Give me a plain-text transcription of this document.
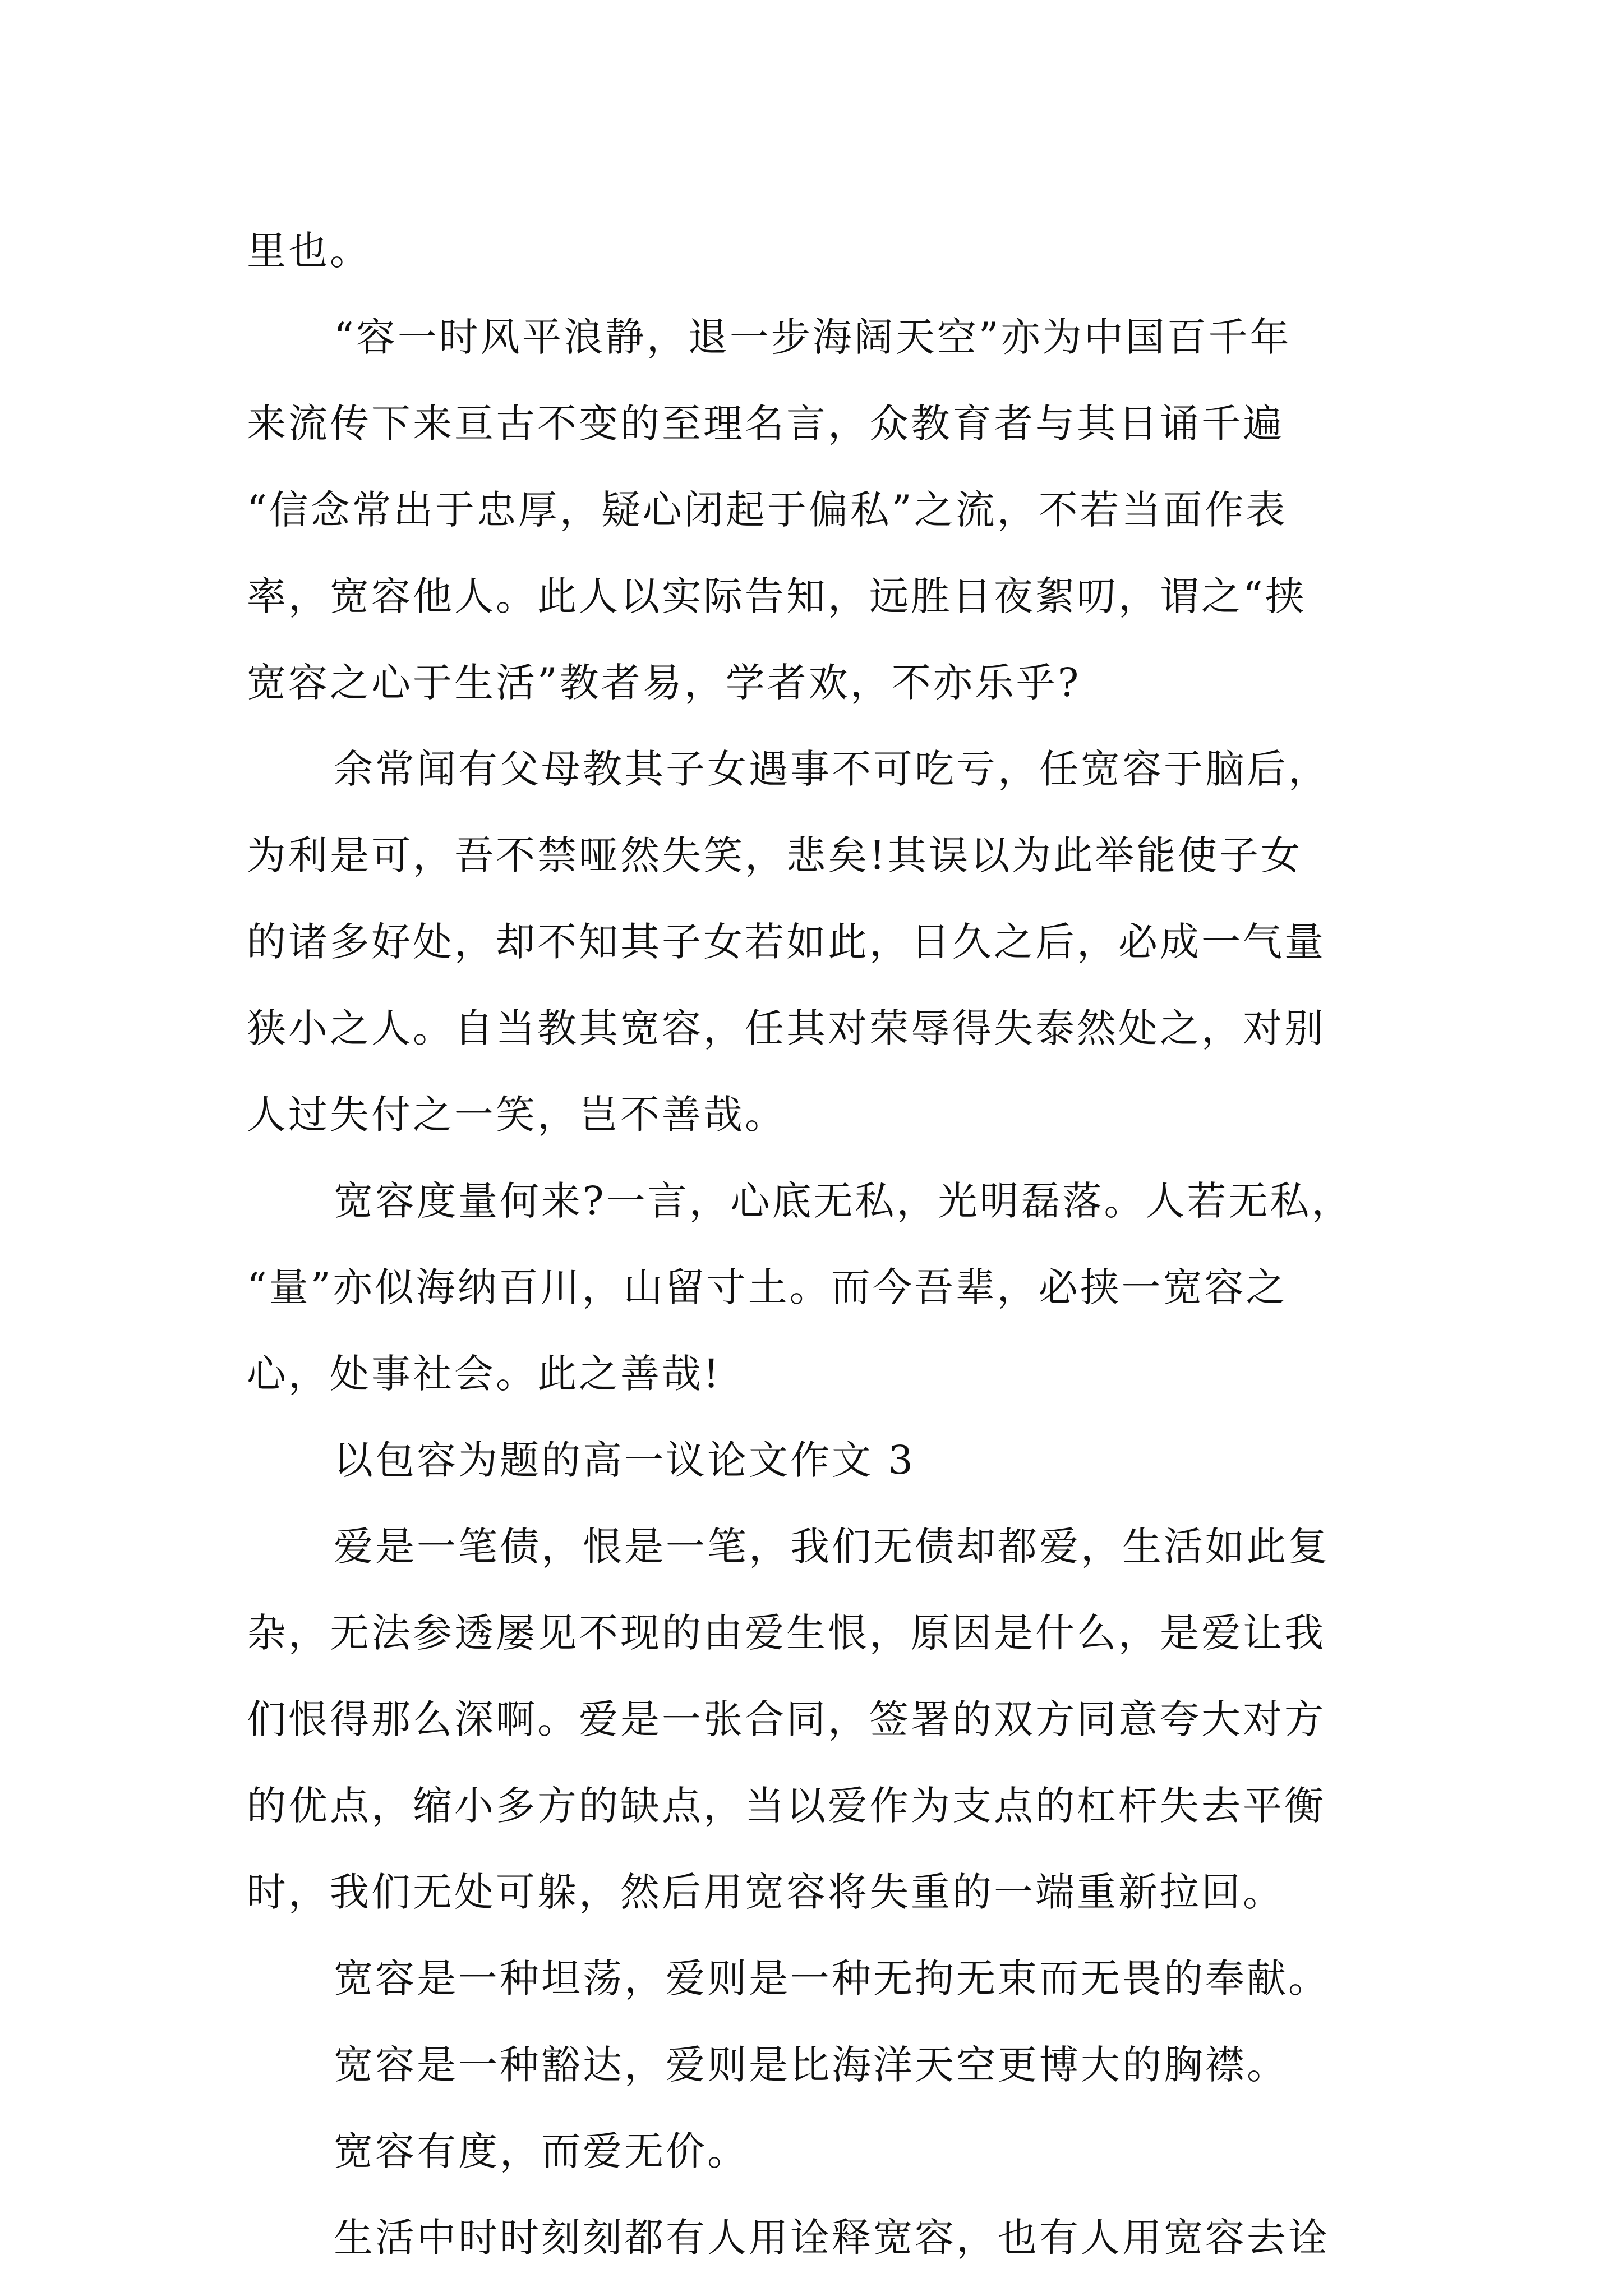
里也。
“容一时风平浪静，退一步海阔天空”亦为中国百千年
来流传下来亘古不变的至理名言，众教育者与其日诵千遍
“信念常出于忠厚，疑心闭起于偏私”之流，不若当面作表
率，宽容他人。此人以实际告知，远胜日夜絮叨，谓之“挟
宽容之心于生活”教者易，学者欢，不亦乐乎?
余常闻有父母教其子女遇事不可吃亏，任宽容于脑后，
为利是可，吾不禁哑然失笑，悲矣!其误以为此举能使子女
的诸多好处，却不知其子女若如此，日久之后，必成一气量
狭小之人。自当教其宽容，任其对荣辱得失泰然处之，对别
人过失付之一笑，岂不善哉。
宽容度量何来?一言，心底无私，光明磊落。人若无私，
“量”亦似海纳百川，山留寸土。而今吾辈，必挟一宽容之
心，处事社会。此之善哉!
以包容为题的高一议论文作文 3
爱是一笔债，恨是一笔，我们无债却都爱，生活如此复
杂，无法参透屡见不现的由爱生恨，原因是什么，是爱让我
们恨得那么深啊。爱是一张合同，签署的双方同意夸大对方
的优点，缩小多方的缺点，当以爱作为支点的杠杆失去平衡
时，我们无处可躲，然后用宽容将失重的一端重新拉回。
宽容是一种坦荡，爱则是一种无拘无束而无畏的奉献。
宽容是一种豁达，爱则是比海洋天空更博大的胸襟。
宽容有度，而爱无价。
生活中时时刻刻都有人用诠释宽容，也有人用宽容去诠
